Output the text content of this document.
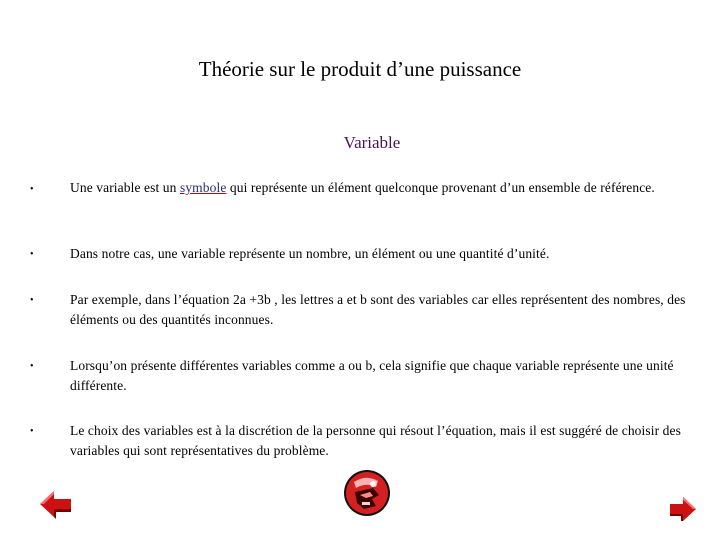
Théorie sur le produit d’une puissance
Variable
•	Une variable est un symbole qui représente un élément quelconque provenant d’un ensemble de référence.
•	Dans notre cas, une variable représente un nombre, un élément ou une quantité d’unité.
•	Par exemple, dans l’équation 2a +3b , les lettres a et b sont des variables car elles représentent des nombres, des éléments ou des quantités inconnues.
•	Lorsqu’on présente différentes variables comme a ou b, cela signifie que chaque variable représente une unité différente.
•	Le choix des variables est à la discrétion de la personne qui résout l’équation, mais il est suggéré de choisir des variables qui sont représentatives du problème.
